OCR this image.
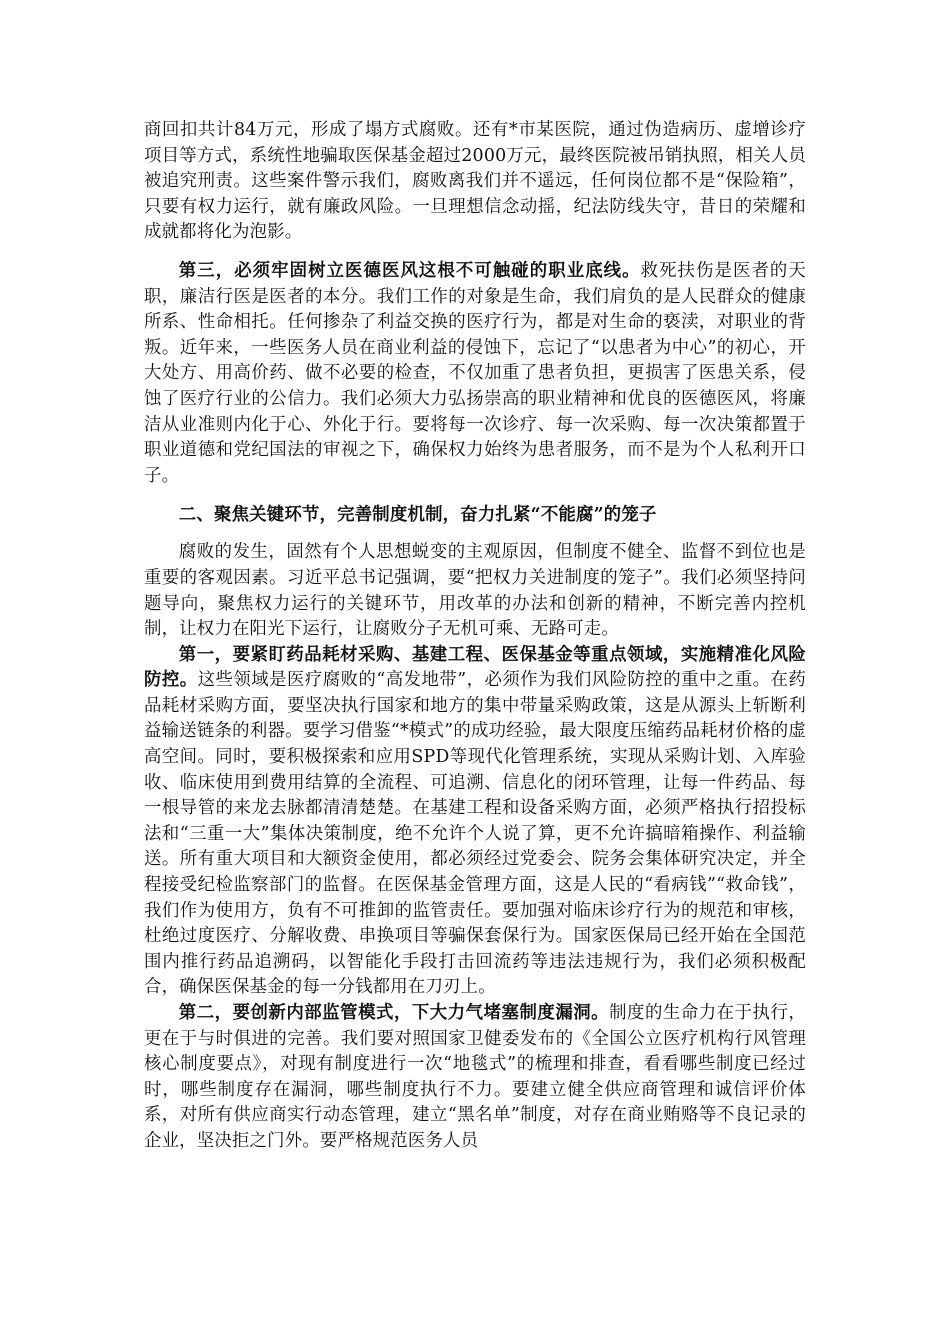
商回扣共计84万元，形成了塌方式腐败。还有*市某医院，通过伪造病历、虚增诊疗项目等方式，系统性地骗取医保基金超过2000万元，最终医院被吊销执照，相关人员被追究刑责。这些案件警示我们，腐败离我们并不遥远，任何岗位都不是“保险箱”，只要有权力运行，就有廉政风险。一旦理想信念动摇，纪法防线失守，昔日的荣耀和成就都将化为泡影。

第三，必须牢固树立医德医风这根不可触碰的职业底线。救死扶伤是医者的天职，廉洁行医是医者的本分。我们工作的对象是生命，我们肩负的是人民群众的健康所系、性命相托。任何掺杂了利益交换的医疗行为，都是对生命的亵渎，对职业的背叛。近年来，一些医务人员在商业利益的侵蚀下，忘记了“以患者为中心”的初心，开大处方、用高价药、做不必要的检查，不仅加重了患者负担，更损害了医患关系，侵蚀了医疗行业的公信力。我们必须大力弘扬崇高的职业精神和优良的医德医风，将廉洁从业准则内化于心、外化于行。要将每一次诊疗、每一次采购、每一次决策都置于职业道德和党纪国法的审视之下，确保权力始终为患者服务，而不是为个人私利开口子。

二、聚焦关键环节，完善制度机制，奋力扎紧“不能腐”的笼子

腐败的发生，固然有个人思想蜕变的主观原因，但制度不健全、监督不到位也是重要的客观因素。习近平总书记强调，要“把权力关进制度的笼子”。我们必须坚持问题导向，聚焦权力运行的关键环节，用改革的办法和创新的精神，不断完善内控机制，让权力在阳光下运行，让腐败分子无机可乘、无路可走。

第一，要紧盯药品耗材采购、基建工程、医保基金等重点领域，实施精准化风险防控。这些领域是医疗腐败的“高发地带”，必须作为我们风险防控的重中之重。在药品耗材采购方面，要坚决执行国家和地方的集中带量采购政策，这是从源头上斩断利益输送链条的利器。要学习借鉴“*模式”的成功经验，最大限度压缩药品耗材价格的虚高空间。同时，要积极探索和应用SPD等现代化管理系统，实现从采购计划、入库验收、临床使用到费用结算的全流程、可追溯、信息化的闭环管理，让每一件药品、每一根导管的来龙去脉都清清楚楚。在基建工程和设备采购方面，必须严格执行招投标法和“三重一大”集体决策制度，绝不允许个人说了算，更不允许搞暗箱操作、利益输送。所有重大项目和大额资金使用，都必须经过党委会、院务会集体研究决定，并全程接受纪检监察部门的监督。在医保基金管理方面，这是人民的“看病钱”“救命钱”，我们作为使用方，负有不可推卸的监管责任。要加强对临床诊疗行为的规范和审核，杜绝过度医疗、分解收费、串换项目等骗保套保行为。国家医保局已经开始在全国范围内推行药品追溯码，以智能化手段打击回流药等违法违规行为，我们必须积极配合，确保医保基金的每一分钱都用在刀刃上。

第二，要创新内部监管模式，下大力气堵塞制度漏洞。制度的生命力在于执行，更在于与时俱进的完善。我们要对照国家卫健委发布的《全国公立医疗机构行风管理核心制度要点》，对现有制度进行一次“地毯式”的梳理和排查，看看哪些制度已经过时，哪些制度存在漏洞，哪些制度执行不力。要建立健全供应商管理和诚信评价体系，对所有供应商实行动态管理，建立“黑名单”制度，对存在商业贿赂等不良记录的企业，坚决拒之门外。要严格规范医务人员
